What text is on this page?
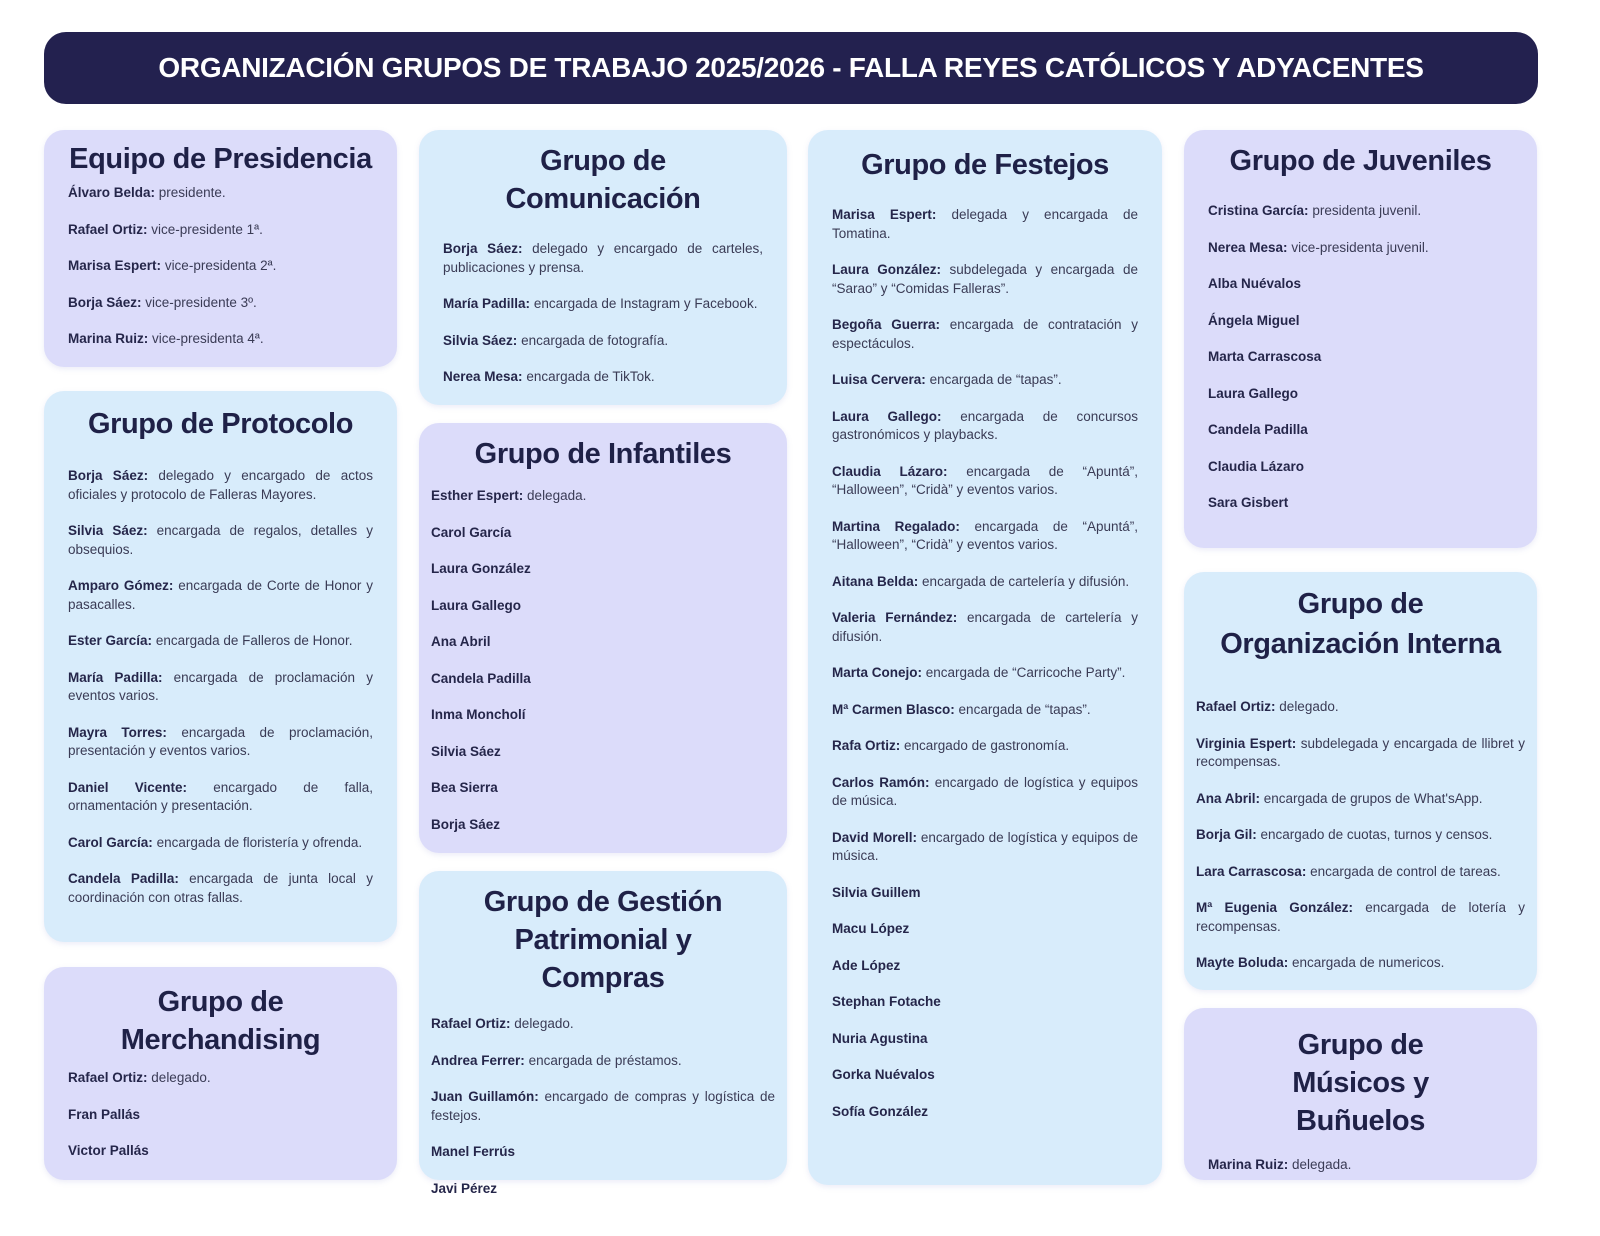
ORGANIZACIÓN GRUPOS DE TRABAJO 2025/2026 - FALLA REYES CATÓLICOS Y ADYACENTES
Equipo de Presidencia
Álvaro Belda: presidente.
Rafael Ortiz: vice-presidente 1ª.
Marisa Espert: vice-presidenta 2ª.
Borja Sáez: vice-presidente 3º.
Marina Ruiz: vice-presidenta 4ª.
Grupo de Protocolo
Borja Sáez: delegado y encargado de actos oficiales y protocolo de Falleras Mayores.
Silvia Sáez: encargada de regalos, detalles y obsequios.
Amparo Gómez: encargada de Corte de Honor y pasacalles.
Ester García: encargada de Falleros de Honor.
María Padilla: encargada de proclamación y eventos varios.
Mayra Torres: encargada de proclamación, presentación y eventos varios.
Daniel Vicente: encargado de falla, ornamentación y presentación.
Carol García: encargada de floristería y ofrenda.
Candela Padilla: encargada de junta local y coordinación con otras fallas.
Grupo de Merchandising
Rafael Ortiz: delegado.
Fran Pallás
Victor Pallás
Grupo de Comunicación
Borja Sáez: delegado y encargado de carteles, publicaciones y prensa.
María Padilla: encargada de Instagram y Facebook.
Silvia Sáez: encargada de fotografía.
Nerea Mesa: encargada de TikTok.
Grupo de Infantiles
Esther Espert: delegada.
Carol García
Laura González
Laura Gallego
Ana Abril
Candela Padilla
Inma Moncholí
Silvia Sáez
Bea Sierra
Borja Sáez
Grupo de Gestión Patrimonial y Compras
Rafael Ortiz: delegado.
Andrea Ferrer: encargada de préstamos.
Juan Guillamón: encargado de compras y logística de festejos.
Manel Ferrús
Javi Pérez
Grupo de Festejos
Marisa Espert: delegada y encargada de Tomatina.
Laura González: subdelegada y encargada de “Sarao” y “Comidas Falleras”.
Begoña Guerra: encargada de contratación y espectáculos.
Luisa Cervera: encargada de “tapas”.
Laura Gallego: encargada de concursos gastronómicos y playbacks.
Claudia Lázaro: encargada de “Apuntá”, “Halloween”, “Cridà” y eventos varios.
Martina Regalado: encargada de “Apuntá”, “Halloween”, “Cridà” y eventos varios.
Aitana Belda: encargada de cartelería y difusión.
Valeria Fernández: encargada de cartelería y difusión.
Marta Conejo: encargada de “Carricoche Party”.
Mª Carmen Blasco: encargada de “tapas”.
Rafa Ortiz: encargado de gastronomía.
Carlos Ramón: encargado de logística y equipos de música.
David Morell: encargado de logística y equipos de música.
Silvia Guillem
Macu López
Ade López
Stephan Fotache
Nuria Agustina
Gorka Nuévalos
Sofía González
Grupo de Juveniles
Cristina García: presidenta juvenil.
Nerea Mesa: vice-presidenta juvenil.
Alba Nuévalos
Ángela Miguel
Marta Carrascosa
Laura Gallego
Candela Padilla
Claudia Lázaro
Sara Gisbert
Grupo de Organización Interna
Rafael Ortiz: delegado.
Virginia Espert: subdelegada y encargada de llibret y recompensas.
Ana Abril: encargada de grupos de What'sApp.
Borja Gil: encargado de cuotas, turnos y censos.
Lara Carrascosa: encargada de control de tareas.
Mª Eugenia González: encargada de lotería y recompensas.
Mayte Boluda: encargada de numericos.
Grupo de Músicos y Buñuelos
Marina Ruiz: delegada.
